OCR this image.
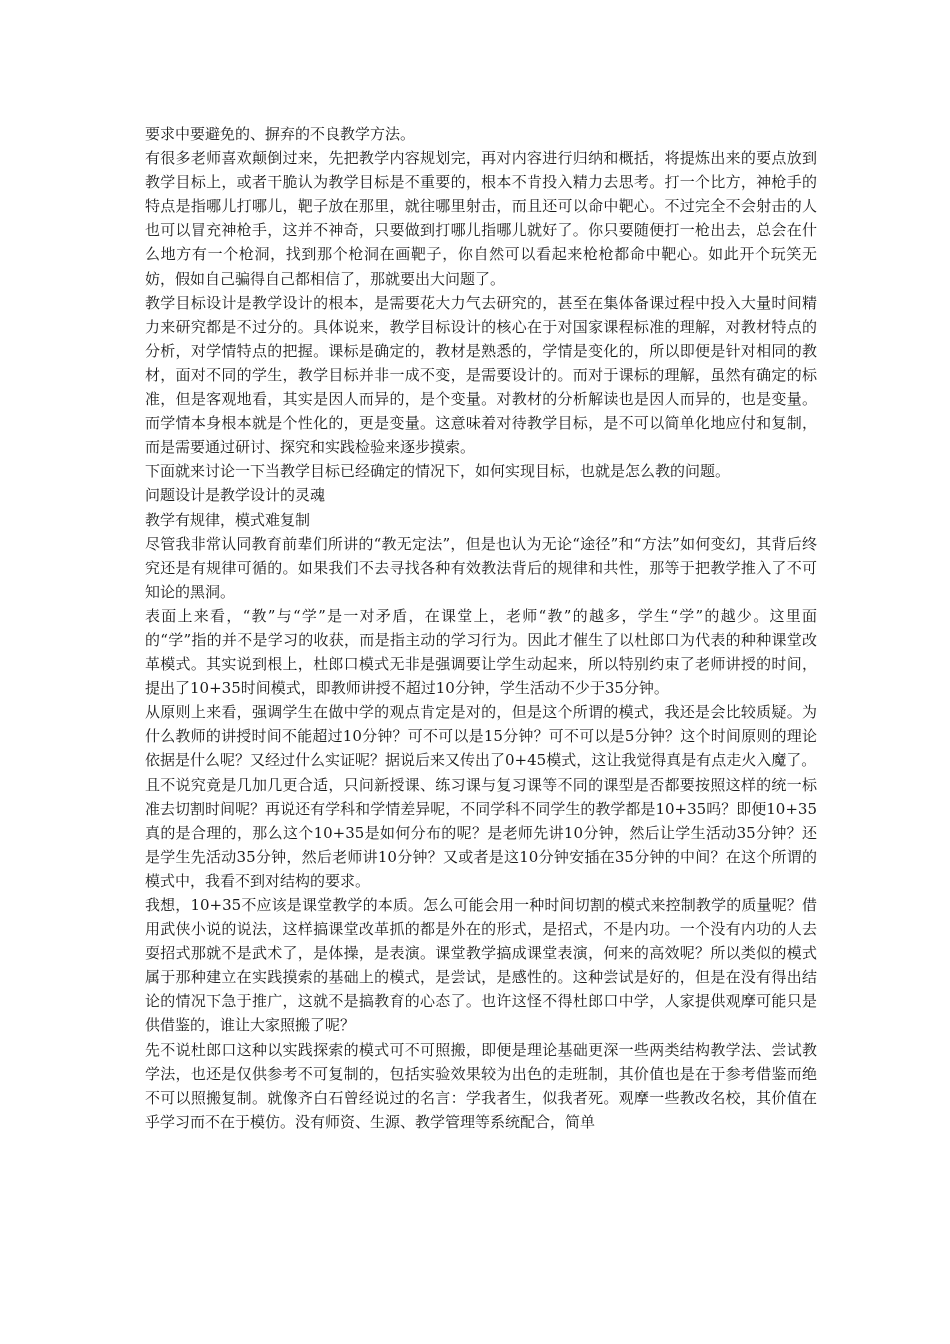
要求中要避免的、摒弃的不良教学方法。

有很多老师喜欢颠倒过来，先把教学内容规划完，再对内容进行归纳和概括，将提炼出来的要点放到教学目标上，或者干脆认为教学目标是不重要的，根本不肯投入精力去思考。打一个比方，神枪手的特点是指哪儿打哪儿，靶子放在那里，就往哪里射击，而且还可以命中靶心。不过完全不会射击的人也可以冒充神枪手，这并不神奇，只要做到打哪儿指哪儿就好了。你只要随便打一枪出去，总会在什么地方有一个枪洞，找到那个枪洞在画靶子，你自然可以看起来枪枪都命中靶心。如此开个玩笑无妨，假如自己骗得自己都相信了，那就要出大问题了。

教学目标设计是教学设计的根本，是需要花大力气去研究的，甚至在集体备课过程中投入大量时间精力来研究都是不过分的。具体说来，教学目标设计的核心在于对国家课程标准的理解，对教材特点的分析，对学情特点的把握。课标是确定的，教材是熟悉的，学情是变化的，所以即便是针对相同的教材，面对不同的学生，教学目标并非一成不变，是需要设计的。而对于课标的理解，虽然有确定的标准，但是客观地看，其实是因人而异的，是个变量。对教材的分析解读也是因人而异的，也是变量。而学情本身根本就是个性化的，更是变量。这意味着对待教学目标，是不可以简单化地应付和复制，而是需要通过研讨、探究和实践检验来逐步摸索。

下面就来讨论一下当教学目标已经确定的情况下，如何实现目标，也就是怎么教的问题。

问题设计是教学设计的灵魂

教学有规律，模式难复制

尽管我非常认同教育前辈们所讲的“教无定法”，但是也认为无论“途径”和“方法”如何变幻，其背后终究还是有规律可循的。如果我们不去寻找各种有效教法背后的规律和共性，那等于把教学推入了不可知论的黑洞。

表面上来看，“教”与“学”是一对矛盾，在课堂上，老师“教”的越多，学生“学”的越少。这里面的“学”指的并不是学习的收获，而是指主动的学习行为。因此才催生了以杜郎口为代表的种种课堂改革模式。其实说到根上，杜郎口模式无非是强调要让学生动起来，所以特别约束了老师讲授的时间，提出了10+35时间模式，即教师讲授不超过10分钟，学生活动不少于35分钟。

从原则上来看，强调学生在做中学的观点肯定是对的，但是这个所谓的模式，我还是会比较质疑。为什么教师的讲授时间不能超过10分钟？可不可以是15分钟？可不可以是5分钟？这个时间原则的理论依据是什么呢？又经过什么实证呢？据说后来又传出了0+45模式，这让我觉得真是有点走火入魔了。

且不说究竟是几加几更合适，只问新授课、练习课与复习课等不同的课型是否都要按照这样的统一标准去切割时间呢？再说还有学科和学情差异呢，不同学科不同学生的教学都是10+35吗？即便10+35真的是合理的，那么这个10+35是如何分布的呢？是老师先讲10分钟，然后让学生活动35分钟？还是学生先活动35分钟，然后老师讲10分钟？又或者是这10分钟安插在35分钟的中间？在这个所谓的模式中，我看不到对结构的要求。

我想，10+35不应该是课堂教学的本质。怎么可能会用一种时间切割的模式来控制教学的质量呢？借用武侠小说的说法，这样搞课堂改革抓的都是外在的形式，是招式，不是内功。一个没有内功的人去耍招式那就不是武术了，是体操，是表演。课堂教学搞成课堂表演，何来的高效呢？所以类似的模式属于那种建立在实践摸索的基础上的模式，是尝试，是感性的。这种尝试是好的，但是在没有得出结论的情况下急于推广，这就不是搞教育的心态了。也许这怪不得杜郎口中学，人家提供观摩可能只是供借鉴的，谁让大家照搬了呢？

先不说杜郎口这种以实践探索的模式可不可照搬，即便是理论基础更深一些两类结构教学法、尝试教学法，也还是仅供参考不可复制的，包括实验效果较为出色的走班制，其价值也是在于参考借鉴而绝不可以照搬复制。就像齐白石曾经说过的名言：学我者生，似我者死。观摩一些教改名校，其价值在乎学习而不在于模仿。没有师资、生源、教学管理等系统配合，简单
